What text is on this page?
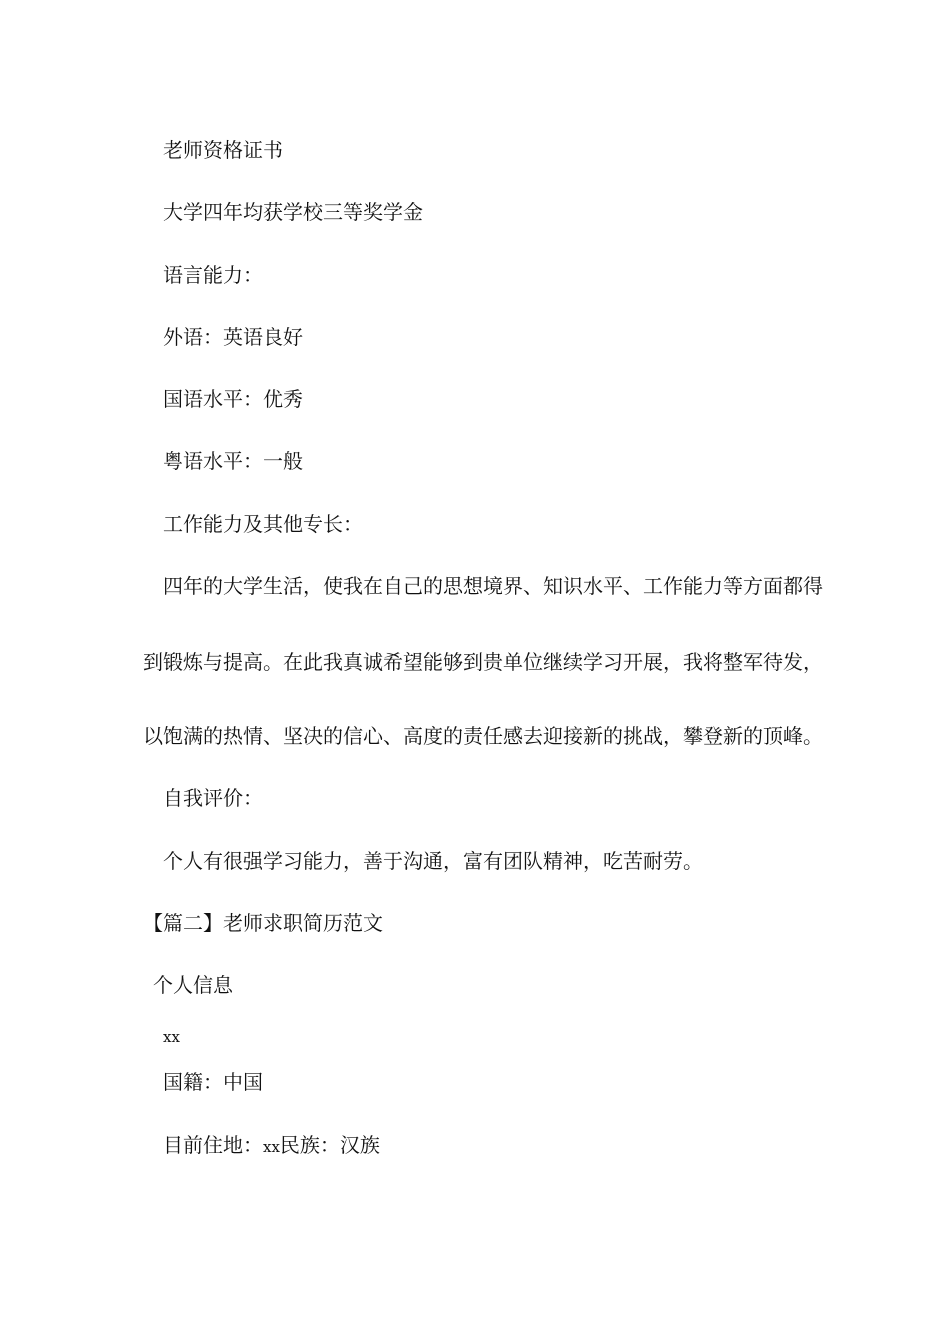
老师资格证书
大学四年均获学校三等奖学金
语言能力：
外语：英语良好
国语水平：优秀
粤语水平：一般
工作能力及其他专长：
四年的大学生活，使我在自己的思想境界、知识水平、工作能力等方面都得
到锻炼与提高。在此我真诚希望能够到贵单位继续学习开展，我将整军待发，
以饱满的热情、坚决的信心、高度的责任感去迎接新的挑战，攀登新的顶峰。
自我评价：
个人有很强学习能力，善于沟通，富有团队精神，吃苦耐劳。
【篇二】老师求职简历范文
个人信息
xx
国籍：中国
目前住地：xx民族：汉族
